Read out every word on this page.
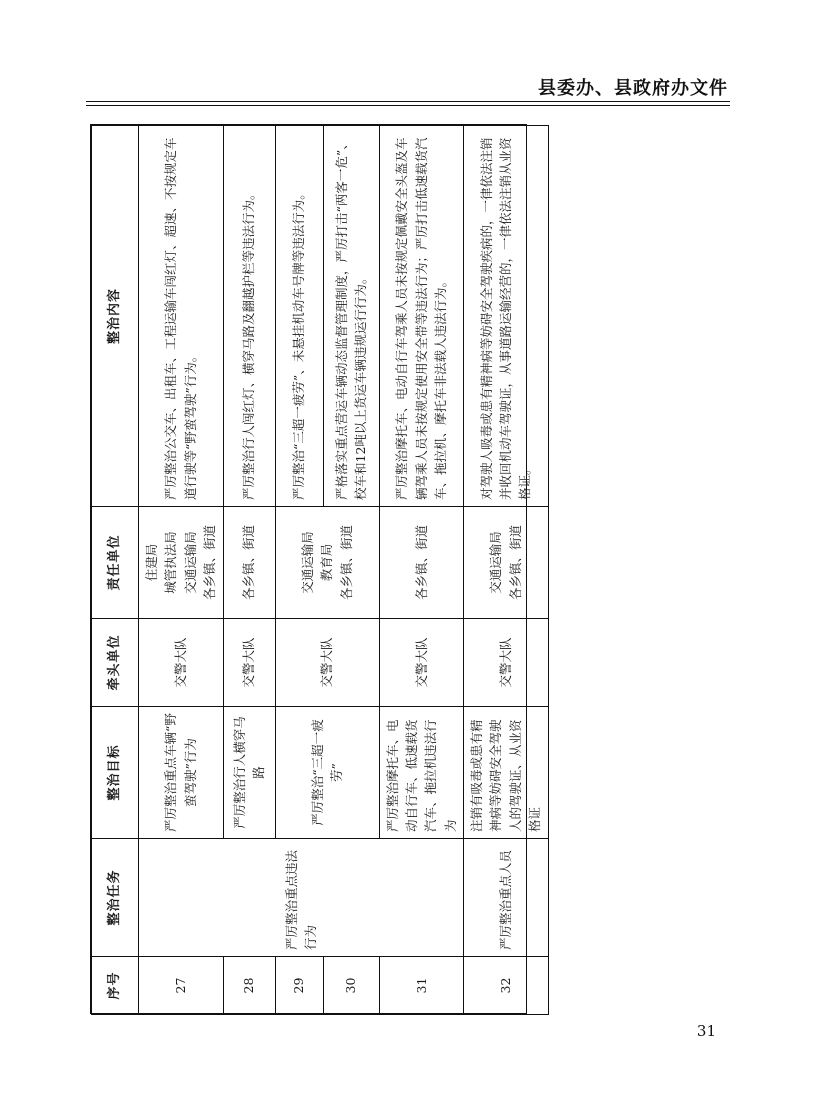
县委办、县政府办文件
序号	整治任务	整治目标	牵头单位	责任单位	整治内容
27	严厉整治重点违法行为	严厉整治重点车辆“野蛮驾驶”行为	交警大队	住建局
城管执法局
交通运输局
各乡镇、街道	严厉整治公交车、出租车、工程运输车闯红灯、超速、不按规定车道行驶等“野蛮驾驶”行为。
28		严厉整治行人横穿马路	交警大队	各乡镇、街道	严厉整治行人闯红灯、横穿马路及翻越护栏等违法行为。
29		严厉整治“三超一疲劳”	交警大队	交通运输局
教育局
各乡镇、街道	严厉整治“三超一疲劳”、未悬挂机动车号牌等违法行为。
30					严格落实重点营运车辆动态监督管理制度，严厉打击“两客一危”、校车和12吨以上货运车辆违规运行行为。
31		严厉整治摩托车、电动自行车、低速载货汽车、拖拉机违法行为	交警大队	各乡镇、街道	严厉整治摩托车、电动自行车驾乘人员未按规定佩戴安全头盔及车辆驾乘人员未按规定使用安全带等违法行为；严厉打击低速载货汽车、拖拉机、摩托车非法载人违法行为。
32	严厉整治重点人员	注销有吸毒或患有精神病等妨碍安全驾驶人的驾驶证、从业资格证	交警大队	交通运输局
各乡镇、街道	对驾驶人吸毒或患有精神病等妨碍安全驾驶疾病的，一律依法注销并收回机动车驾驶证，从事道路运输经营的，一律依法注销从业资格证。
31
